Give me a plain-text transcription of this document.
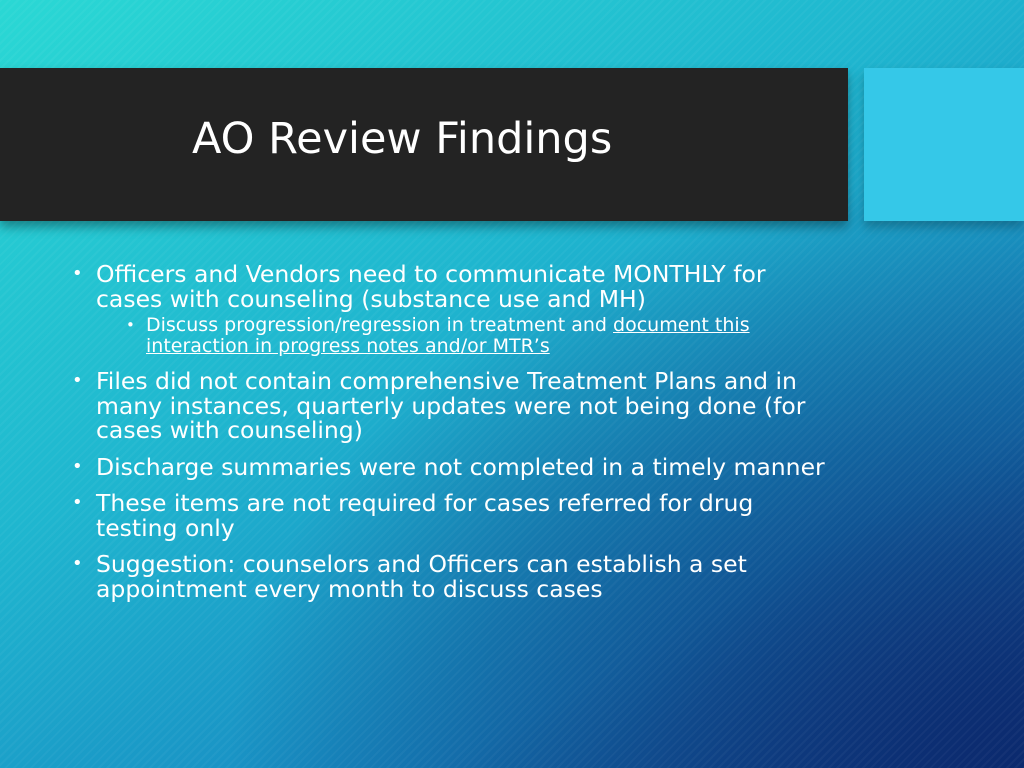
AO Review Findings
• Officers and Vendors need to communicate MONTHLY for cases with counseling (substance use and MH)
• Discuss progression/regression in treatment and document this interaction in progress notes and/or MTR’s
• Files did not contain comprehensive Treatment Plans and in many instances, quarterly updates were not being done (for cases with counseling)
• Discharge summaries were not completed in a timely manner
• These items are not required for cases referred for drug testing only
• Suggestion: counselors and Officers can establish a set appointment every month to discuss cases
